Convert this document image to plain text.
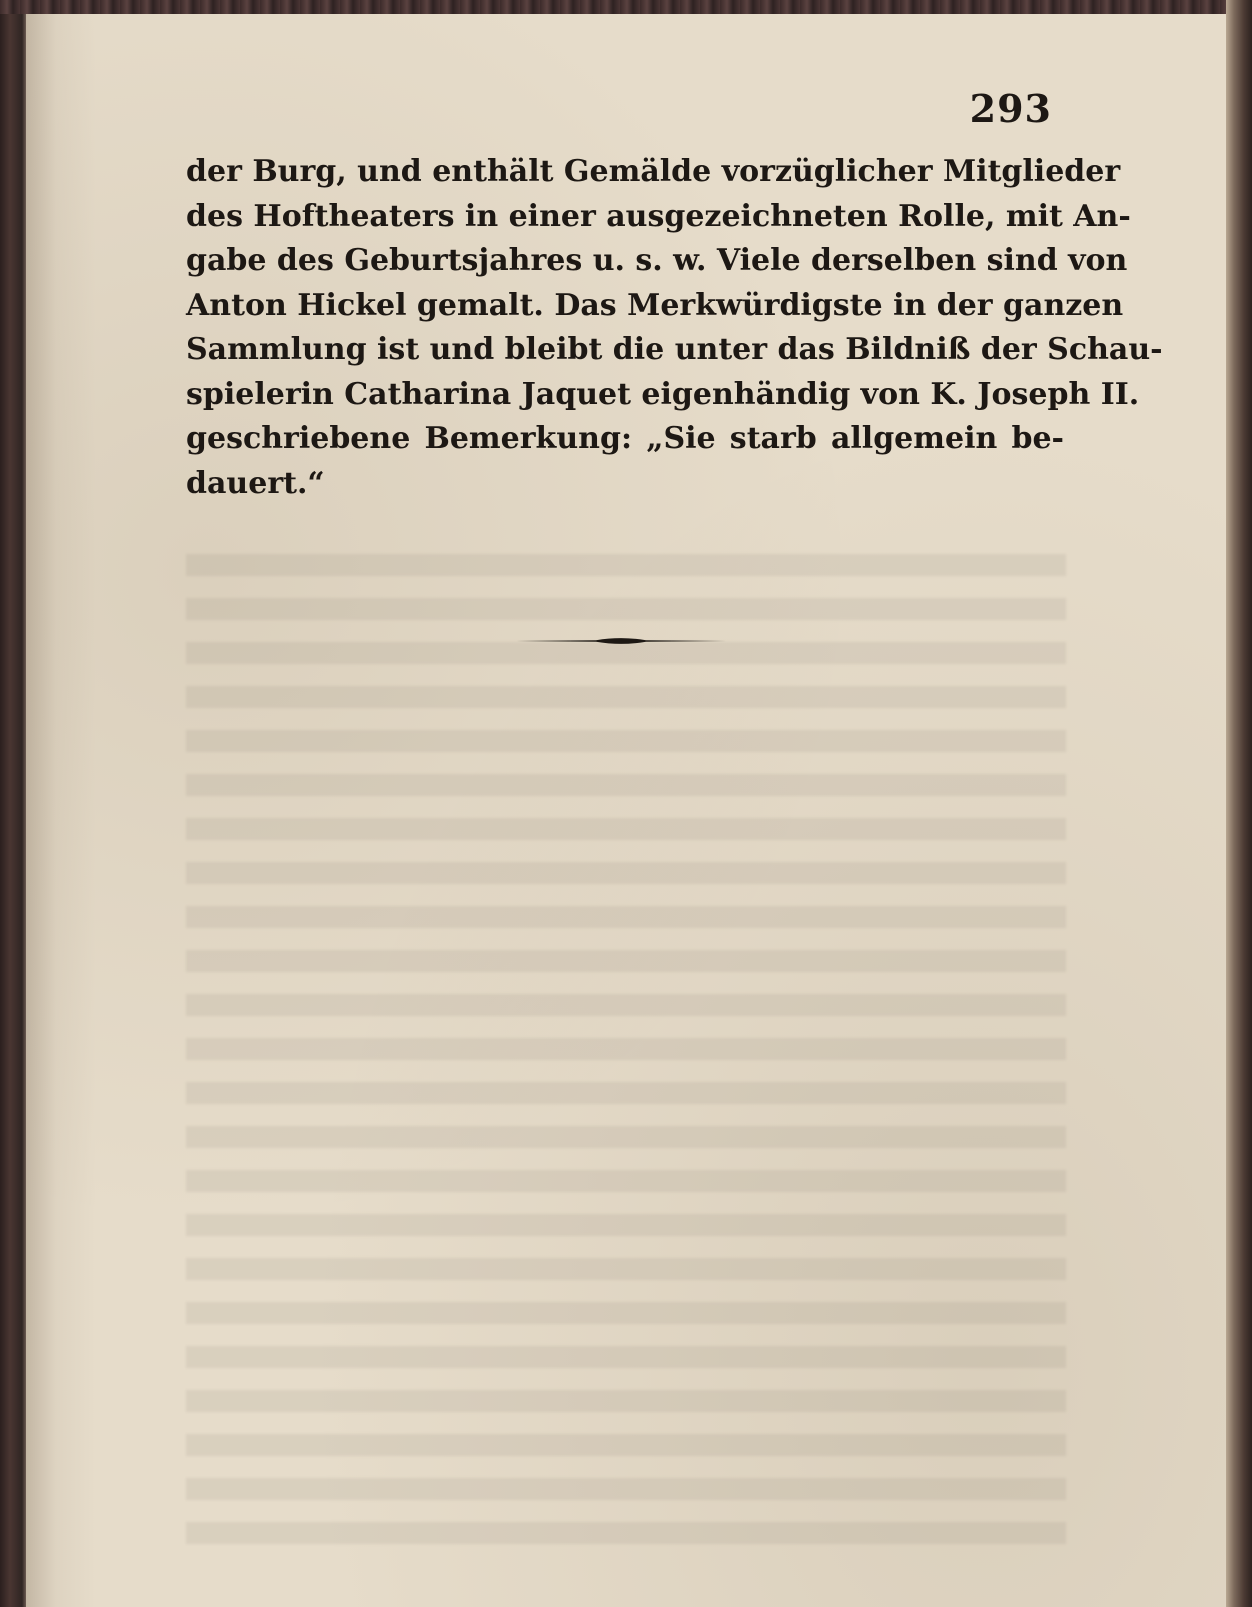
293
der Burg, und enthält Gemälde vorzüglicher Mitglieder
des Hoftheaters in einer ausgezeichneten Rolle, mit An-
gabe des Geburtsjahres u. s. w. Viele derselben sind von
Anton Hickel gemalt. Das Merkwürdigste in der ganzen
Sammlung ist und bleibt die unter das Bildniß der Schau-
spielerin Catharina Jaquet eigenhändig von K. Joseph II.
geschriebene Bemerkung: „Sie starb allgemein be-
dauert.“
